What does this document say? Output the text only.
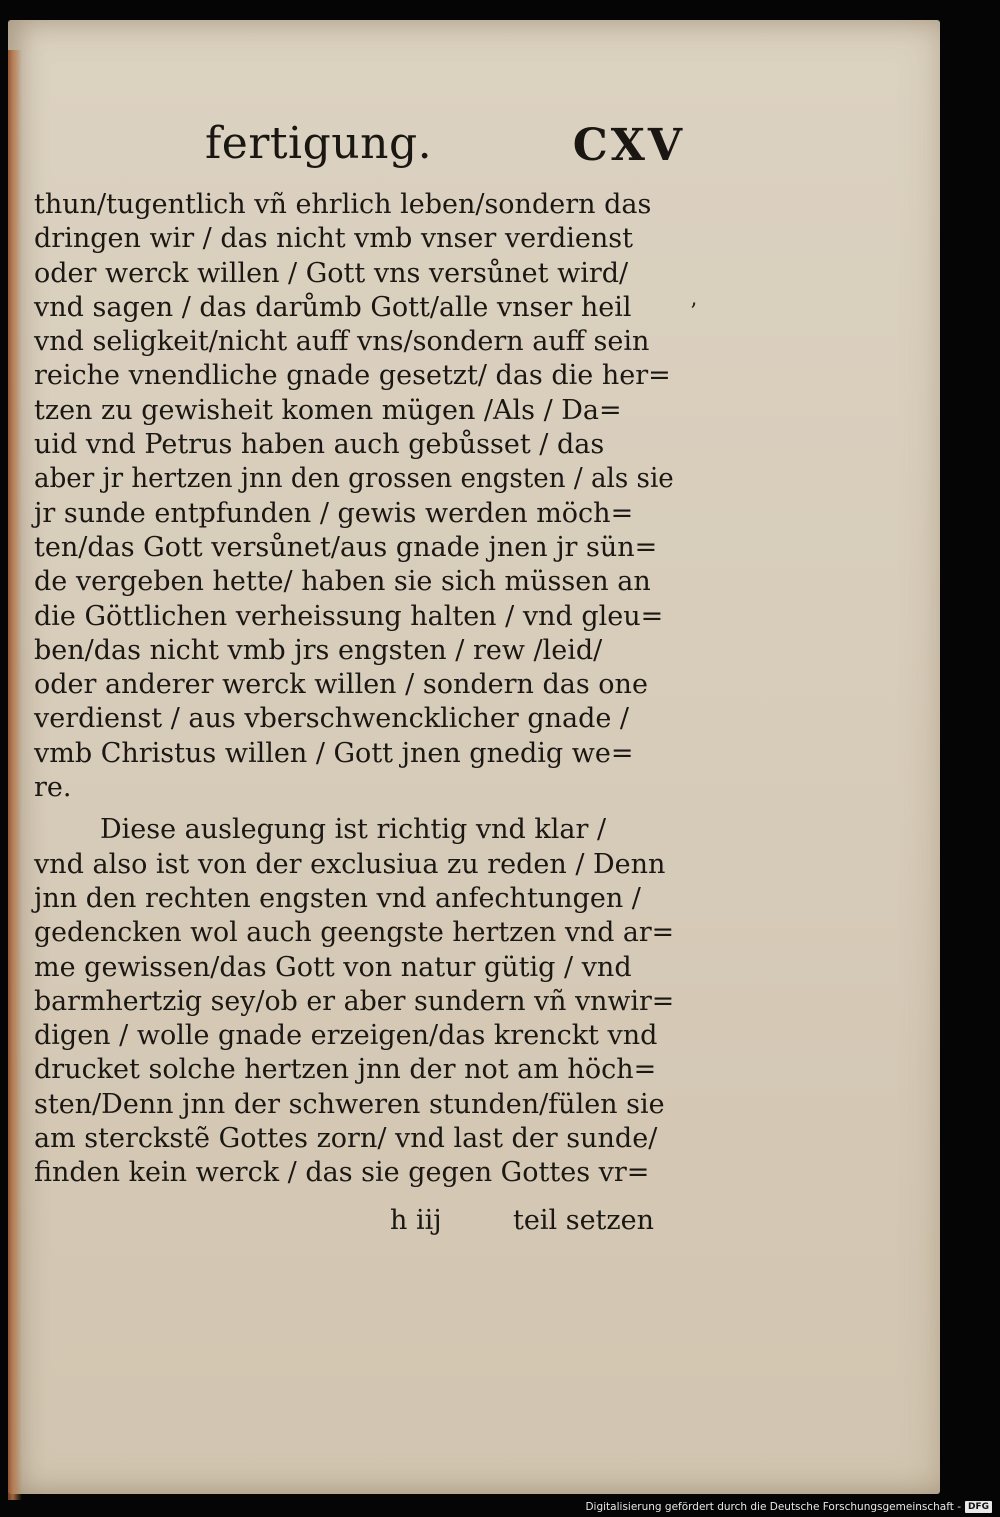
fertigung.	CXV
’
thun/tugentlich vñ ehrlich leben/sondern das
dringen wir / das nicht vmb vnser verdienst
oder werck willen / Gott vns versůnet wird/
vnd sagen / das darůmb Gott/alle vnser heil
vnd seligkeit/nicht auff vns/sondern auff sein
reiche vnendliche gnade gesetzt/ das die her=
tzen zu gewisheit komen mügen /Als / Da=
uid vnd Petrus haben auch gebůsset / das
aber jr hertzen jnn den grossen engsten / als sie
jr sunde entpfunden / gewis werden möch=
ten/das Gott versůnet/aus gnade jnen jr sün=
de vergeben hette/ haben sie sich müssen an
die Göttlichen verheissung halten / vnd gleu=
ben/das nicht vmb jrs engsten / rew /leid/
oder anderer werck willen / sondern das one
verdienst / aus vberschwencklicher gnade /
vmb Christus willen / Gott jnen gnedig we=
re.
Diese auslegung ist richtig vnd klar /
vnd also ist von der exclusiua zu reden / Denn
jnn den rechten engsten vnd anfechtungen /
gedencken wol auch geengste hertzen vnd ar=
me gewissen/das Gott von natur gütig / vnd
barmhertzig sey/ob er aber sundern vñ vnwir=
digen / wolle gnade erzeigen/das krenckt vnd
drucket solche hertzen jnn der not am höch=
sten/Denn jnn der schweren stunden/fülen sie
am sterckstẽ Gottes zorn/ vnd last der sunde/
finden kein werck / das sie gegen Gottes vr=
h iij	teil setzen
Digitalisierung gefördert durch die Deutsche Forschungsgemeinschaft - DFG
